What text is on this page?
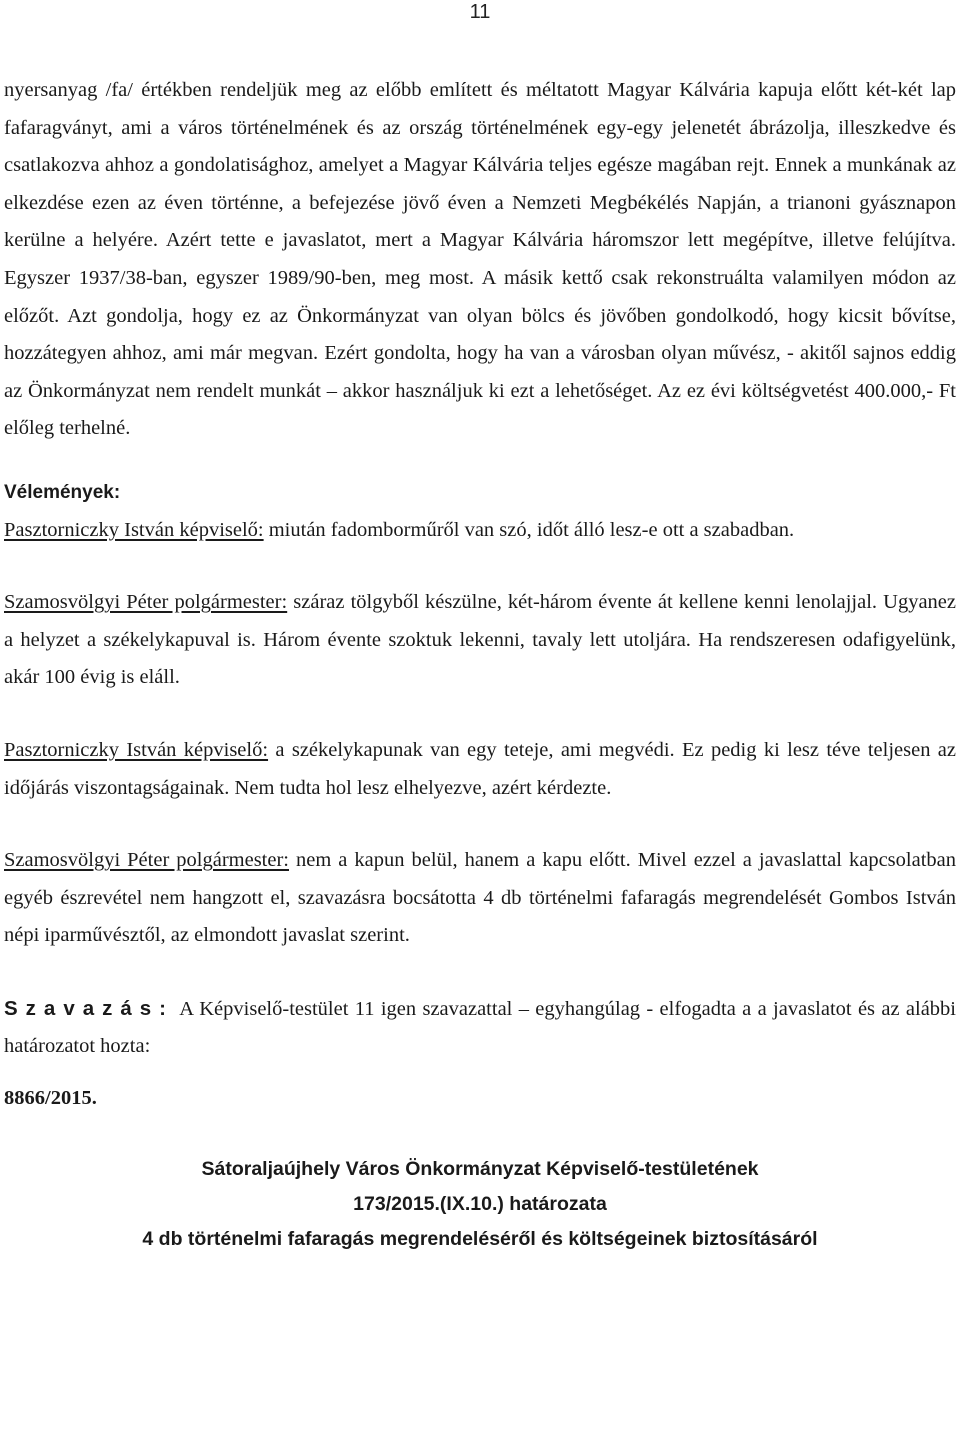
11

nyersanyag /fa/ értékben rendeljük meg az előbb említett és méltatott Magyar Kálvária kapuja előtt két-két lap fafaragványt, ami a város történelmének és az ország történelmének egy-egy jelenetét ábrázolja, illeszkedve és csatlakozva ahhoz a gondolatisághoz, amelyet a Magyar Kálvária teljes egésze magában rejt. Ennek a munkának az elkezdése ezen az éven történne, a befejezése jövő éven a Nemzeti Megbékélés Napján, a trianoni gyásznapon kerülne a helyére. Azért tette e javaslatot, mert a Magyar Kálvária háromszor lett megépítve, illetve felújítva. Egyszer 1937/38-ban, egyszer 1989/90-ben, meg most. A másik kettő csak rekonstruálta valamilyen módon az előzőt. Azt gondolja, hogy ez az Önkormányzat van olyan bölcs és jövőben gondolkodó, hogy kicsit bővítse, hozzátegyen ahhoz, ami már megvan. Ezért gondolta, hogy ha van a városban olyan művész, - akitől sajnos eddig az Önkormányzat nem rendelt munkát – akkor használjuk ki ezt a lehetőséget. Az ez évi költségvetést 400.000,- Ft előleg terhelné.

Vélemények:

Pasztorniczky István képviselő: miután fadomborműről van szó, időt álló lesz-e ott a szabadban.

Szamosvölgyi Péter polgármester: száraz tölgyből készülne, két-három évente át kellene kenni lenolajjal. Ugyanez a helyzet a székelykapuval is. Három évente szoktuk lekenni, tavaly lett utoljára. Ha rendszeresen odafigyelünk, akár 100 évig is eláll.

Pasztorniczky István képviselő: a székelykapunak van egy teteje, ami megvédi. Ez pedig ki lesz téve teljesen az időjárás viszontagságainak. Nem tudta hol lesz elhelyezve, azért kérdezte.

Szamosvölgyi Péter polgármester: nem a kapun belül, hanem a kapu előtt. Mivel ezzel a javaslattal kapcsolatban egyéb észrevétel nem hangzott el, szavazásra bocsátotta 4 db történelmi fafaragás megrendelését Gombos István népi iparművésztől, az elmondott javaslat szerint.

Szavazás: A Képviselő-testület 11 igen szavazattal – egyhangúlag - elfogadta a a javaslatot és az alábbi határozatot hozta:

8866/2015.

Sátoraljaújhely Város Önkormányzat Képviselő-testületének

173/2015.(IX.10.) határozata

4 db történelmi fafaragás megrendeléséről és költségeinek biztosításáról
